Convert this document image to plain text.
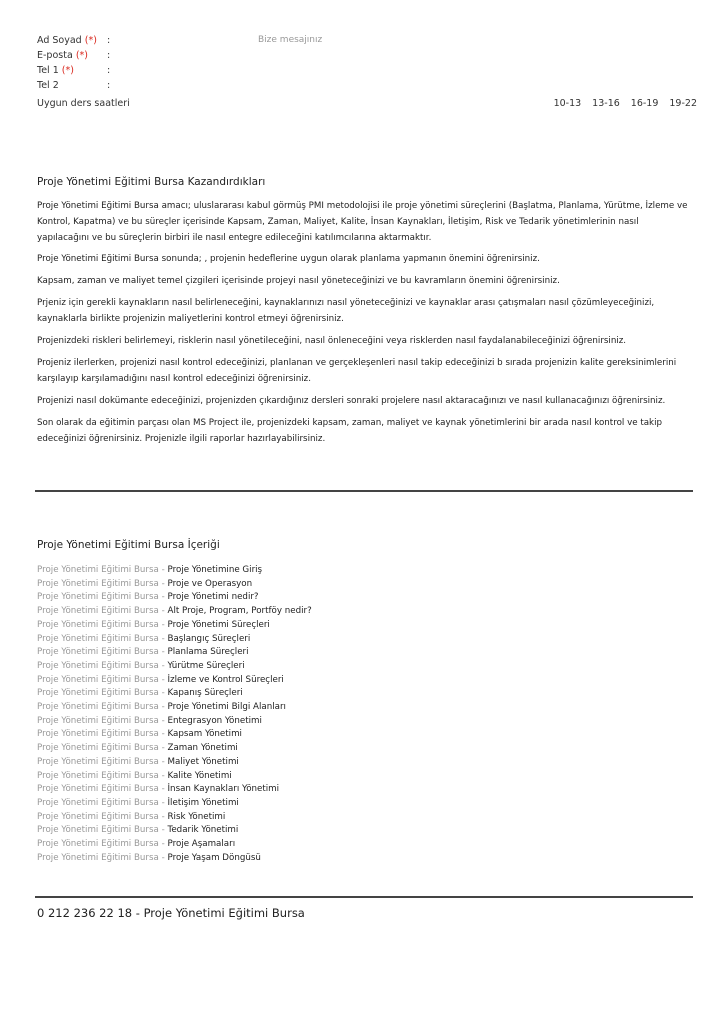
Ad Soyad (*) :	Bize mesajınız
E-posta (*) :
Tel 1 (*)	:
Tel 2	:
Uygun ders saatleri	10-13 13-16 16-19 19-22
Proje Yönetimi Eğitimi Bursa Kazandırdıkları

Proje Yönetimi Eğitimi Bursa amacı; uluslararası kabul görmüş PMI metodolojisi ile proje yönetimi süreçlerini (Başlatma, Planlama, Yürütme, İzleme ve Kontrol, Kapatma) ve bu süreçler içerisinde Kapsam, Zaman, Maliyet, Kalite, İnsan Kaynakları, İletişim, Risk ve Tedarik yönetimlerinin nasıl yapılacağını ve bu süreçlerin birbiri ile nasıl entegre edileceğini katılımcılarına aktarmaktır.

Proje Yönetimi Eğitimi Bursa sonunda; , projenin hedeflerine uygun olarak planlama yapmanın önemini öğrenirsiniz.

Kapsam, zaman ve maliyet temel çizgileri içerisinde projeyi nasıl yöneteceğinizi ve bu kavramların önemini öğrenirsiniz.

Prjeniz için gerekli kaynakların nasıl belirleneceğini, kaynaklarınızı nasıl yöneteceğinizi ve kaynaklar arası çatışmaları nasıl çözümleyeceğinizi, kaynaklarla birlikte projenizin maliyetlerini kontrol etmeyi öğrenirsiniz.

Projenizdeki riskleri belirlemeyi, risklerin nasıl yönetileceğini, nasıl önleneceğini veya risklerden nasıl faydalanabileceğinizi öğrenirsiniz.

Projeniz ilerlerken, projenizi nasıl kontrol edeceğinizi, planlanan ve gerçekleşenleri nasıl takip edeceğinizi b sırada projenizin kalite gereksinimlerini karşılayıp karşılamadığını nasıl kontrol edeceğinizi öğrenirsiniz.

Projenizi nasıl dokümante edeceğinizi, projenizden çıkardığınız dersleri sonraki projelere nasıl aktaracağınızı ve nasıl kullanacağınızı öğrenirsiniz.

Son olarak da eğitimin parçası olan MS Project ile, projenizdeki kapsam, zaman, maliyet ve kaynak yönetimlerini bir arada nasıl kontrol ve takip edeceğinizi öğrenirsiniz. Projenizle ilgili raporlar hazırlayabilirsiniz.

Proje Yönetimi Eğitimi Bursa İçeriği
Proje Yönetimi Eğitimi Bursa - Proje Yönetimine Giriş
Proje Yönetimi Eğitimi Bursa - Proje ve Operasyon
Proje Yönetimi Eğitimi Bursa - Proje Yönetimi nedir?
Proje Yönetimi Eğitimi Bursa - Alt Proje, Program, Portföy nedir?
Proje Yönetimi Eğitimi Bursa - Proje Yönetimi Süreçleri
Proje Yönetimi Eğitimi Bursa - Başlangıç Süreçleri
Proje Yönetimi Eğitimi Bursa - Planlama Süreçleri
Proje Yönetimi Eğitimi Bursa - Yürütme Süreçleri
Proje Yönetimi Eğitimi Bursa - İzleme ve Kontrol Süreçleri
Proje Yönetimi Eğitimi Bursa - Kapanış Süreçleri
Proje Yönetimi Eğitimi Bursa - Proje Yönetimi Bilgi Alanları
Proje Yönetimi Eğitimi Bursa - Entegrasyon Yönetimi
Proje Yönetimi Eğitimi Bursa - Kapsam Yönetimi
Proje Yönetimi Eğitimi Bursa - Zaman Yönetimi
Proje Yönetimi Eğitimi Bursa - Maliyet Yönetimi
Proje Yönetimi Eğitimi Bursa - Kalite Yönetimi
Proje Yönetimi Eğitimi Bursa - İnsan Kaynakları Yönetimi
Proje Yönetimi Eğitimi Bursa - İletişim Yönetimi
Proje Yönetimi Eğitimi Bursa - Risk Yönetimi
Proje Yönetimi Eğitimi Bursa - Tedarik Yönetimi
Proje Yönetimi Eğitimi Bursa - Proje Aşamaları
Proje Yönetimi Eğitimi Bursa - Proje Yaşam Döngüsü
0 212 236 22 18 - Proje Yönetimi Eğitimi Bursa
